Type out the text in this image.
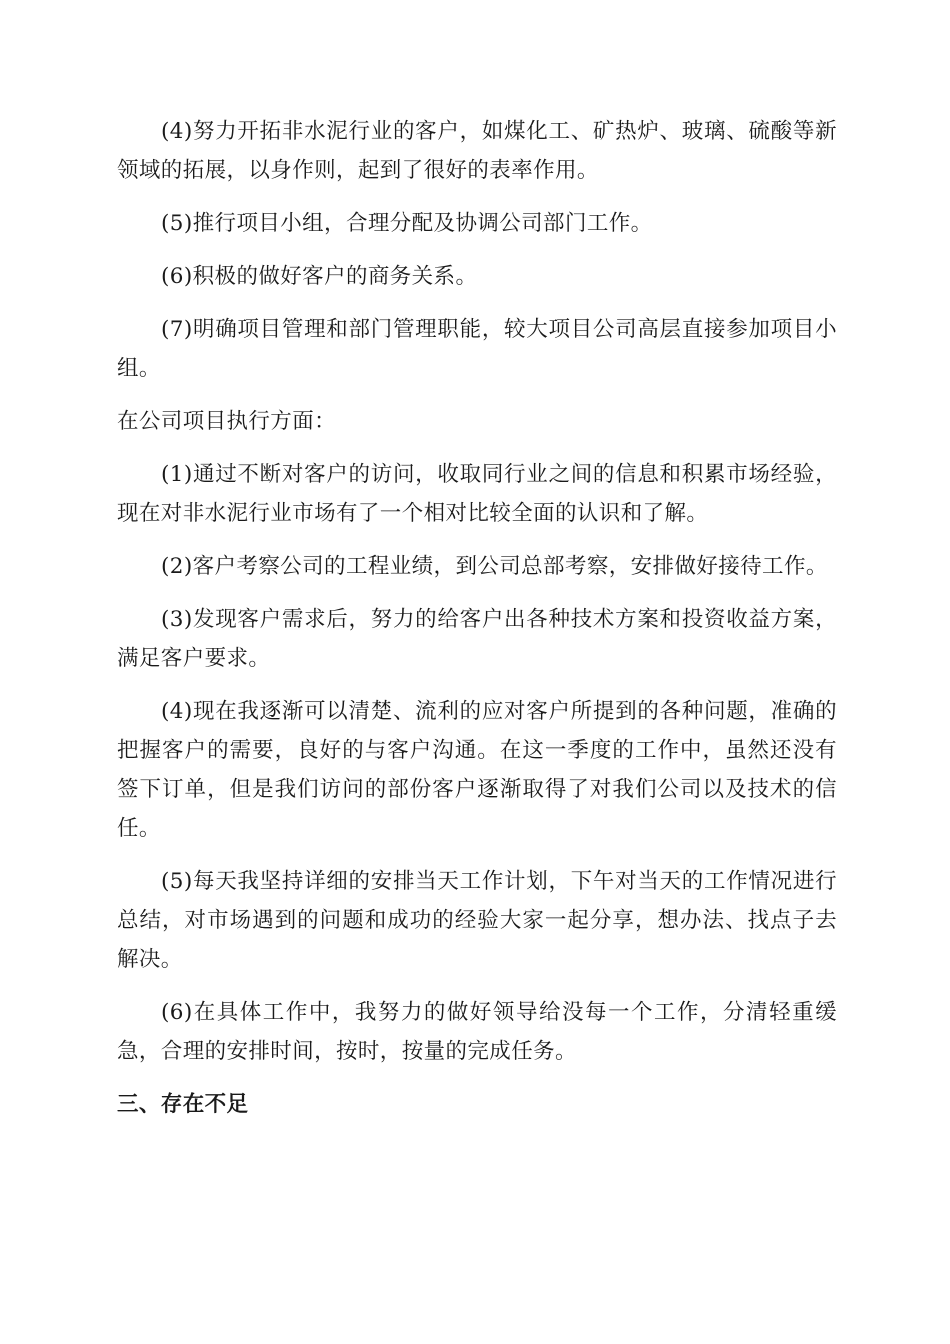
(4)努力开拓非水泥行业的客户，如煤化工、矿热炉、玻璃、硫酸等新领域的拓展，以身作则，起到了很好的表率作用。

(5)推行项目小组，合理分配及协调公司部门工作。

(6)积极的做好客户的商务关系。

(7)明确项目管理和部门管理职能，较大项目公司高层直接参加项目小组。

在公司项目执行方面：

(1)通过不断对客户的访问，收取同行业之间的信息和积累市场经验，现在对非水泥行业市场有了一个相对比较全面的认识和了解。

(2)客户考察公司的工程业绩，到公司总部考察，安排做好接待工作。

(3)发现客户需求后，努力的给客户出各种技术方案和投资收益方案，满足客户要求。

(4)现在我逐渐可以清楚、流利的应对客户所提到的各种问题，准确的把握客户的需要，良好的与客户沟通。在这一季度的工作中，虽然还没有签下订单，但是我们访问的部份客户逐渐取得了对我们公司以及技术的信任。

(5)每天我坚持详细的安排当天工作计划，下午对当天的工作情况进行总结，对市场遇到的问题和成功的经验大家一起分享，想办法、找点子去解决。

(6)在具体工作中，我努力的做好领导给没每一个工作，分清轻重缓急，合理的安排时间，按时，按量的完成任务。

三、存在不足
